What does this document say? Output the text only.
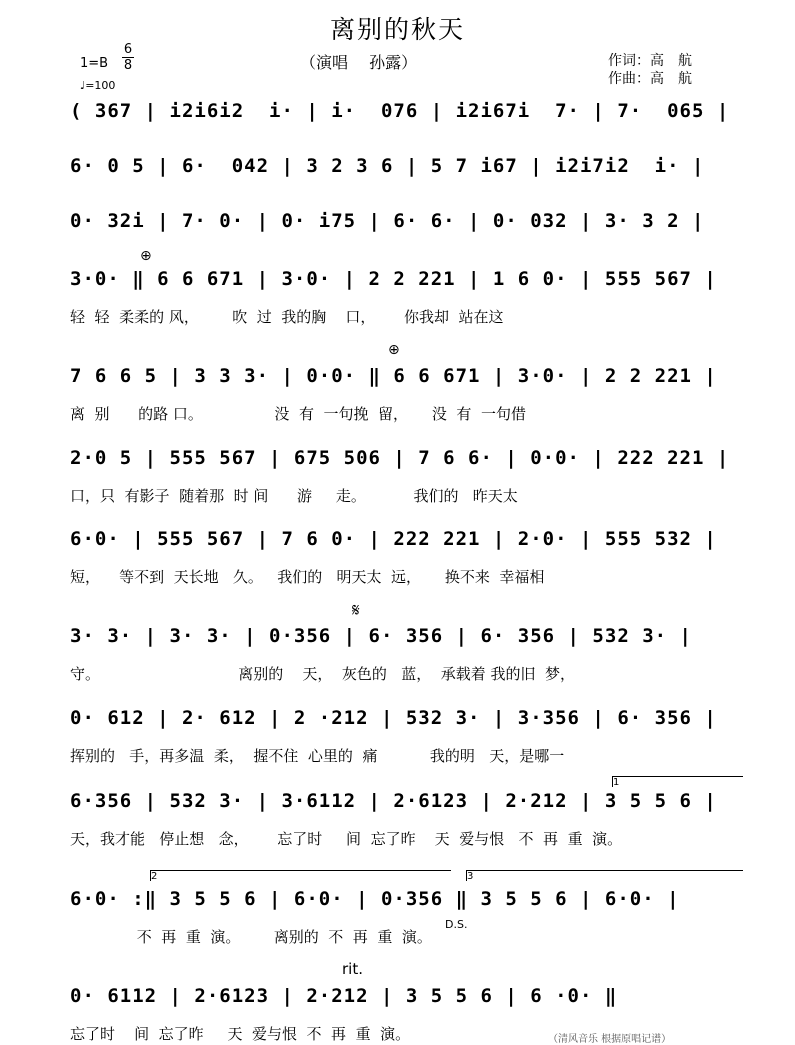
离别的秋天
（演唱　 孙露）	作词：高　航
作曲：高　航
1=B
6
8
♩=100
( 367 | i2i6i2  i· | i·  076 | i2i67i  7· | 7·  065 |
6· 0 5 | 6·  042 | 3 2 3 6 | 5 7 i67 | i2i7i2  i· |
0· 32i | 7· 0· | 0· i75 | 6· 6· | 0· 032 | 3· 3 2 |
3·0· ‖ 6 6 671 | 3·0· | 2 2 221 | 1 6 0· | 555 567 |
轻  轻  柔柔的 风，       吹  过  我的胸    口，      你我却  站在这
7 6 6 5 | 3 3 3· | 0·0· ‖ 6 6 671 | 3·0· | 2 2 221 |
离  别      的路 口。               没  有  一句挽  留，     没  有  一句借
2·0 5 | 555 567 | 675 506 | 7 6 6· | 0·0· | 222 221 |
口，只  有影子  随着那  时 间      游     走。          我们的   昨天太
6·0· | 555 567 | 7 6 0· | 222 221 | 2·0· | 555 532 |
短，    等不到  天长地   久。   我们的   明天太  远，     换不来  幸福相
3· 3· | 3· 3· | 0·356 | 6· 356 | 6· 356 | 532 3· |
守。                             离别的    天，  灰色的   蓝，  承载着 我的旧  梦，
0· 612 | 2· 612 | 2 ·212 | 532 3· | 3·356 | 6· 356 |
挥别的   手，再多温  柔，  握不住  心里的  痛           我的明   天，是哪一
6·356 | 532 3· | 3·6112 | 2·6123 | 2·212 | 3 5 5 6 |
天，我才能   停止想   念，      忘了时     间  忘了昨    天  爱与恨   不  再  重  演。
6·0· :‖ 3 5 5 6 | 6·0· | 0·356 ‖ 3 5 5 6 | 6·0· |
不  再  重  演。       离别的  不  再  重  演。
0· 6112 | 2·6123 | 2·212 | 3 5 5 6 | 6 ·0· ‖
忘了时    间  忘了昨     天  爱与恨  不  再  重  演。
𝄋
⊕
⊕
D.S.
rit.
1
2	3
（清风音乐 根据原唱记谱）
